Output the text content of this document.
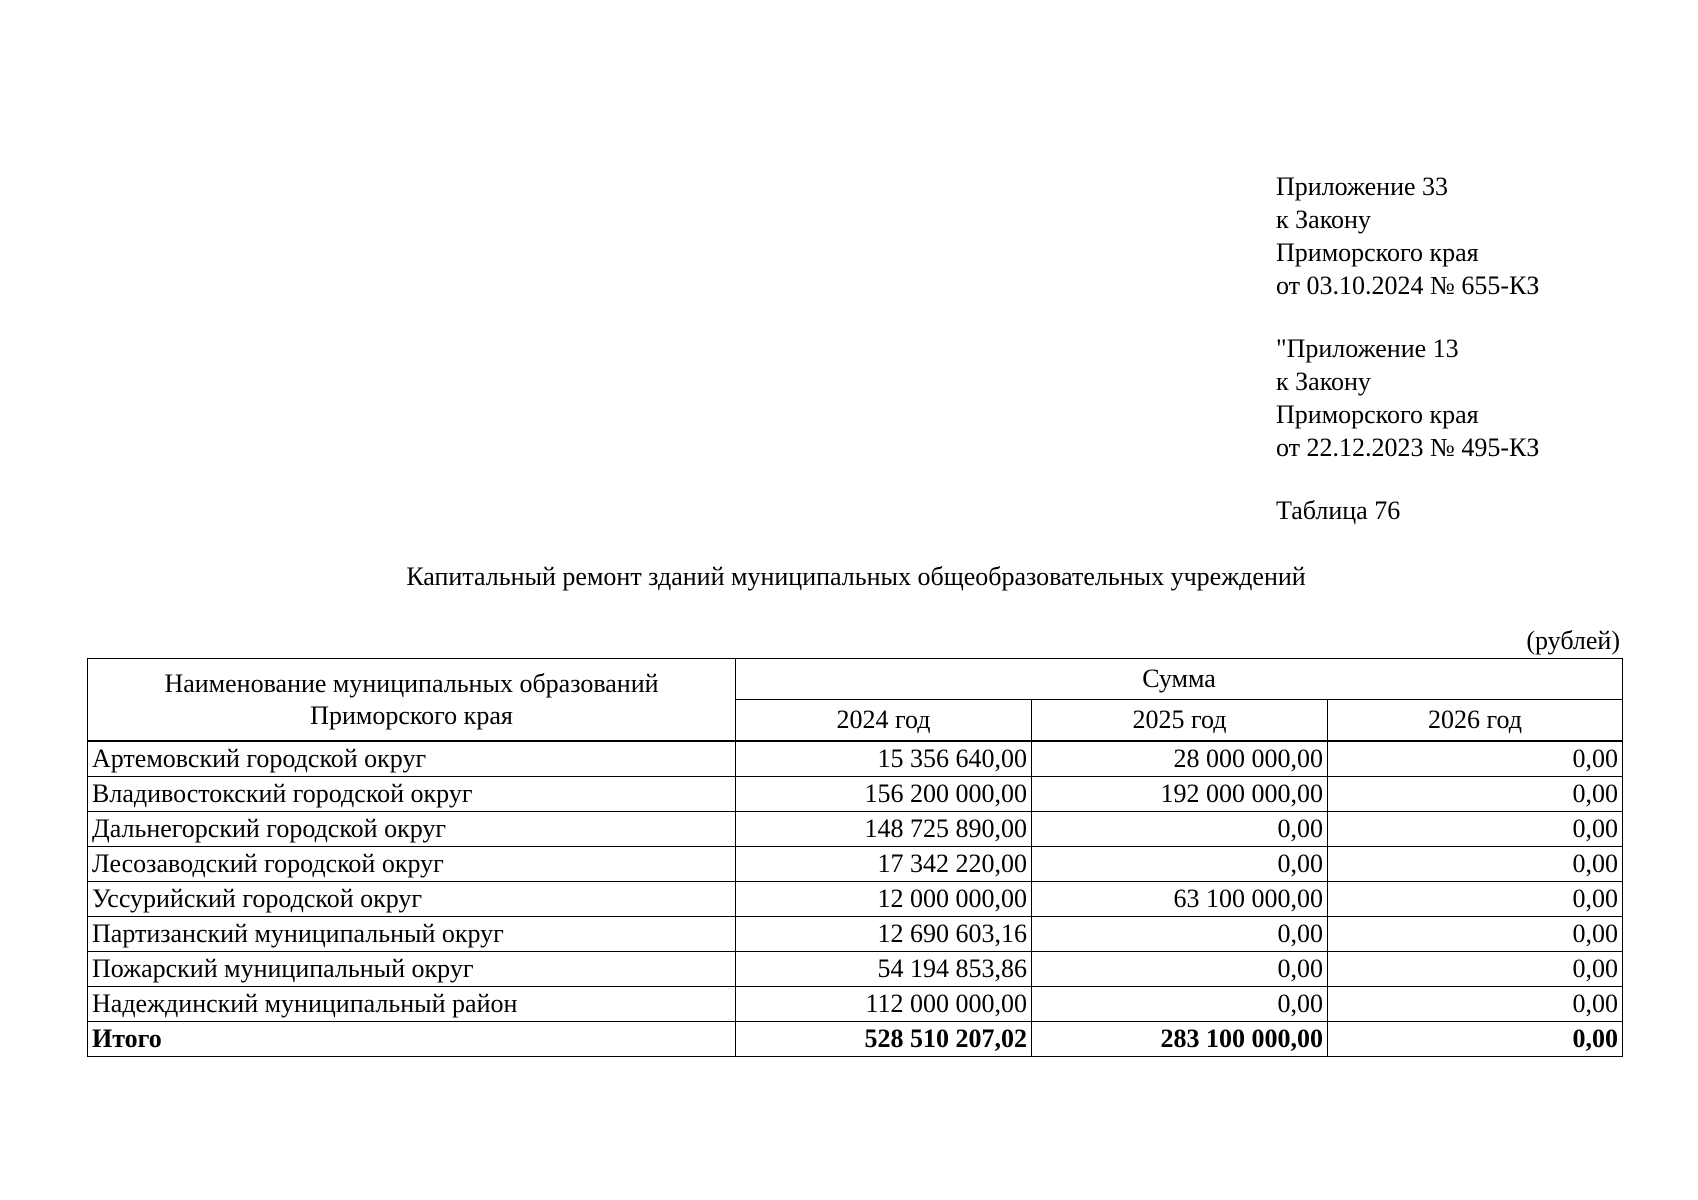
Приложение 33
к Закону
Приморского края
от 03.10.2024 № 655-КЗ
"Приложение 13
к Закону
Приморского края
от 22.12.2023 № 495-КЗ
Таблица 76
Капитальный ремонт зданий муниципальных общеобразовательных учреждений
(рублей)
Наименование муниципальных образований
Приморского края	Сумма		
	2024 год	2025 год	2026 год
Артемовский городской округ	15 356 640,00	28 000 000,00	0,00
Владивостокский городской округ	156 200 000,00	192 000 000,00	0,00
Дальнегорский городской округ	148 725 890,00	0,00	0,00
Лесозаводский городской округ	17 342 220,00	0,00	0,00
Уссурийский городской округ	12 000 000,00	63 100 000,00	0,00
Партизанский муниципальный округ	12 690 603,16	0,00	0,00
Пожарский муниципальный округ	54 194 853,86	0,00	0,00
Надеждинский муниципальный район	112 000 000,00	0,00	0,00
Итого	528 510 207,02	283 100 000,00	0,00
